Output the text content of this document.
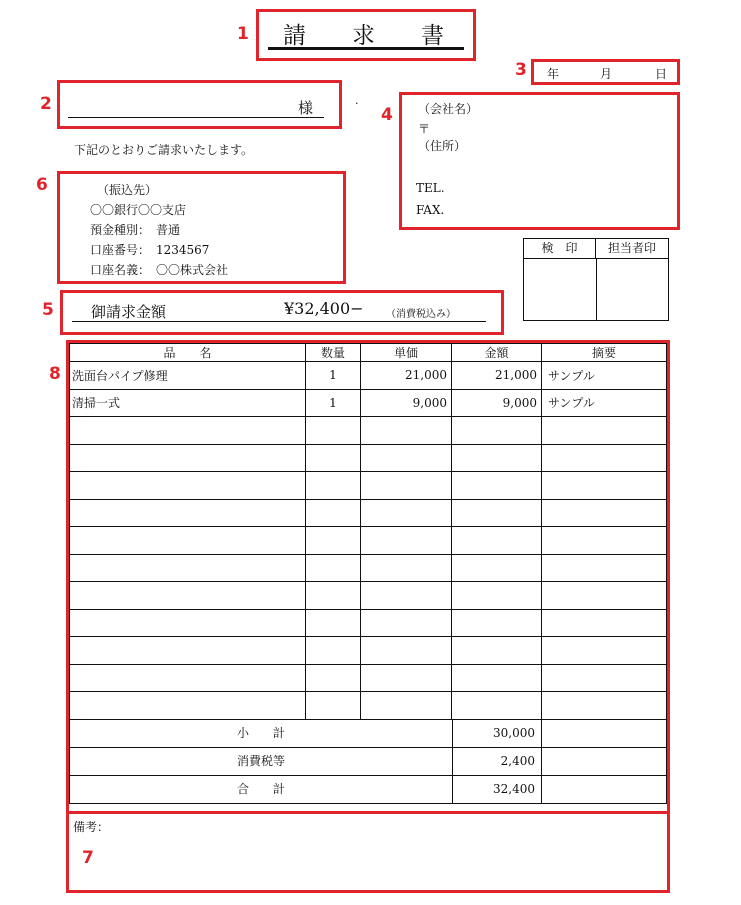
請　　求　　書
1
年	月	日
3
様
2	·
下記のとおりご請求いたします。
（会社名）
〒
（住所）
TEL.
FAX.
4
検　印	担当者印
（振込先）
〇〇銀行〇〇支店
預金種別：　普通
口座番号：　1234567
口座名義：　〇〇株式会社
6
御請求金額	¥32,400− （消費税込み）
5
品　　名	数量	単価	金額	摘要
洗面台パイプ修理	1	21,000	21,000	サンプル
清掃一式	1	9,000	9,000	サンプル

小　　計 30,000				

消費税等 2,400				

合　　計 32,400				

8
備考：
7
